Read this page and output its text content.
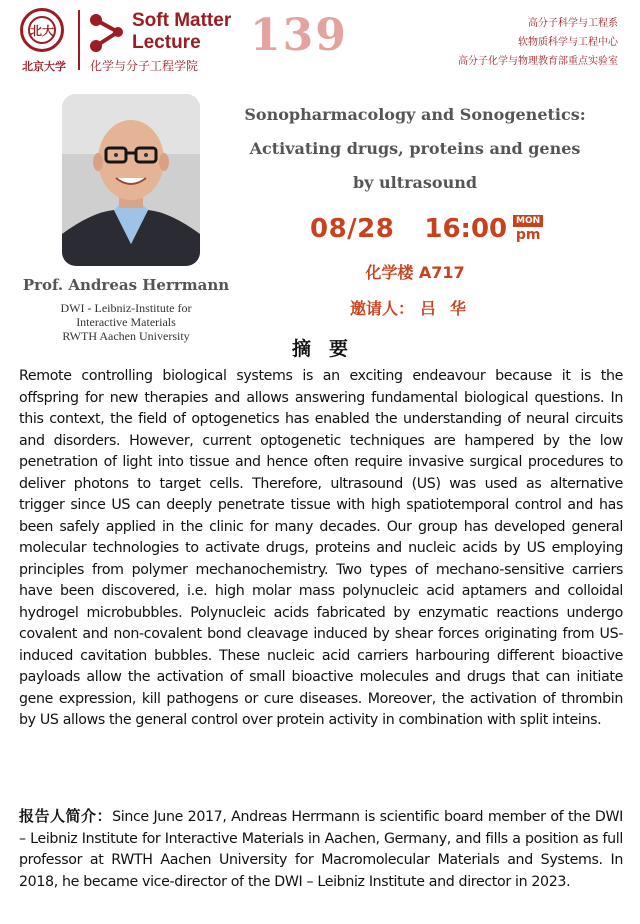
北大
北京大学
Soft Matter
Lecture
化学与分子工程学院
139	高分子科学与工程系
软物质科学与工程中心
高分子化学与物理教育部重点实验室
Prof. Andreas Herrmann
DWI - Leibniz-Institute for
Interactive Materials
RWTH Aachen University
Sonopharmacology and Sonogenetics:
Activating drugs, proteins and genes
by ultrasound
08/28 16:00 MON
pm
化学楼 A717
邀请人： 吕华
摘要

Remote controlling biological systems is an exciting endeavour because it is the offspring for new therapies and allows answering fundamental biological questions. In this context, the field of optogenetics has enabled the understanding of neural circuits and disorders. However, current optogenetic techniques are hampered by the low penetration of light into tissue and hence often require invasive surgical procedures to deliver photons to target cells. Therefore, ultrasound (US) was used as alternative trigger since US can deeply penetrate tissue with high spatiotemporal control and has been safely applied in the clinic for many decades. Our group has developed general molecular technologies to activate drugs, proteins and nucleic acids by US employing principles from polymer mechanochemistry. Two types of mechano-sensitive carriers have been discovered, i.e. high molar mass polynucleic acid aptamers and colloidal hydrogel microbubbles. Polynucleic acids fabricated by enzymatic reactions undergo covalent and non-covalent bond cleavage induced by shear forces originating from US-induced cavitation bubbles. These nucleic acid carriers harbouring different bioactive payloads allow the activation of small bioactive molecules and drugs that can initiate gene expression, kill pathogens or cure diseases. Moreover, the activation of thrombin by US allows the general control over protein activity in combination with split inteins.

报告人简介：Since June 2017, Andreas Herrmann is scientific board member of the DWI – Leibniz Institute for Interactive Materials in Aachen, Germany, and fills a position as full professor at RWTH Aachen University for Macromolecular Materials and Systems. In 2018, he became vice-director of the DWI – Leibniz Institute and director in 2023.
